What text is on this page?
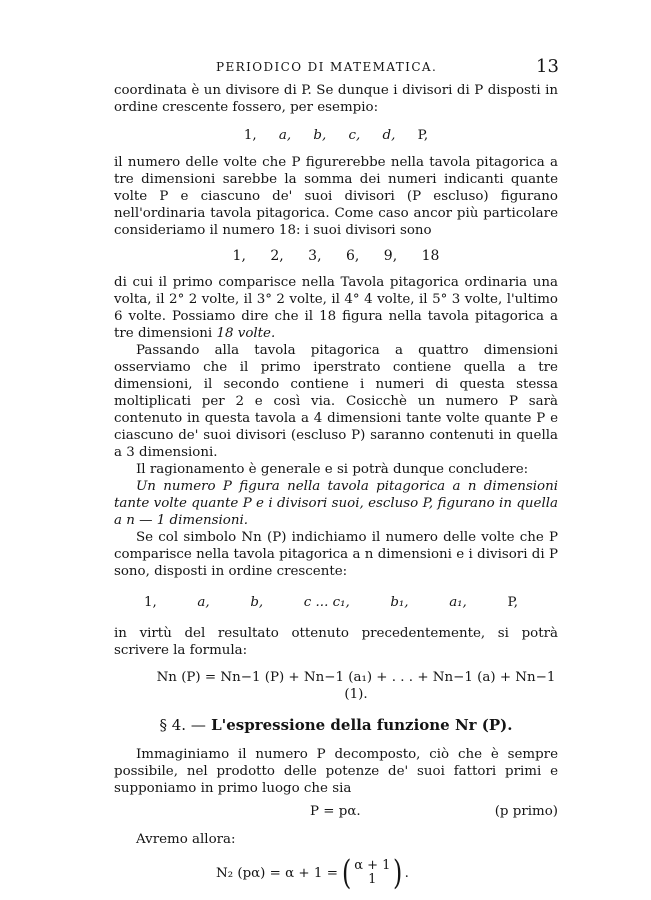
PERIODICO DI MATEMATICA.	13

coordinata è un divisore di P. Se dunque i divisori di P disposti in ordine crescente fossero, per esempio:

1, a, b, c, d, P,

il numero delle volte che P figurerebbe nella tavola pitagorica a tre dimensioni sarebbe la somma dei numeri indicanti quante volte P e ciascuno de' suoi divisori (P escluso) figurano nell'ordinaria tavola pitagorica. Come caso ancor più particolare consideriamo il numero 18: i suoi divisori sono

1, 2, 3, 6, 9, 18

di cui il primo comparisce nella Tavola pitagorica ordinaria una volta, il 2° 2 volte, il 3° 2 volte, il 4° 4 volte, il 5° 3 volte, l'ultimo 6 volte. Possiamo dire che il 18 figura nella tavola pitagorica a tre dimensioni 18 volte.

Passando alla tavola pitagorica a quattro dimensioni osserviamo che il primo iperstrato contiene quella a tre dimensioni, il secondo contiene i numeri di questa stessa moltiplicati per 2 e così via. Cosicchè un numero P sarà contenuto in questa tavola a 4 dimensioni tante volte quante P e ciascuno de' suoi divisori (escluso P) saranno contenuti in quella a 3 dimensioni.

Il ragionamento è generale e si potrà dunque concludere:

Un numero P figura nella tavola pitagorica a n dimensioni tante volte quante P e i divisori suoi, escluso P, figurano in quella a n — 1 dimensioni.

Se col simbolo Nn (P) indichiamo il numero delle volte che P comparisce nella tavola pitagorica a n dimensioni e i divisori di P sono, disposti in ordine crescente:

1,	a,	b,	c ... c₁,	b₁,	a₁,	P,

in virtù del resultato ottenuto precedentemente, si potrà scrivere la formula:

Nn (P) = Nn−1 (P) + Nn−1 (a₁) + . . . + Nn−1 (a) + Nn−1 (1).
§ 4. — L'espressione della funzione Nr (P).

Immaginiamo il numero P decomposto, ciò che è sempre possibile, nel prodotto delle potenze de' suoi fattori primi e supponiamo in primo luogo che sia

P = pα.	(p primo)

Avremo allora:

N₂ (pα) = α + 1 = ( α + 1
1 ) .
